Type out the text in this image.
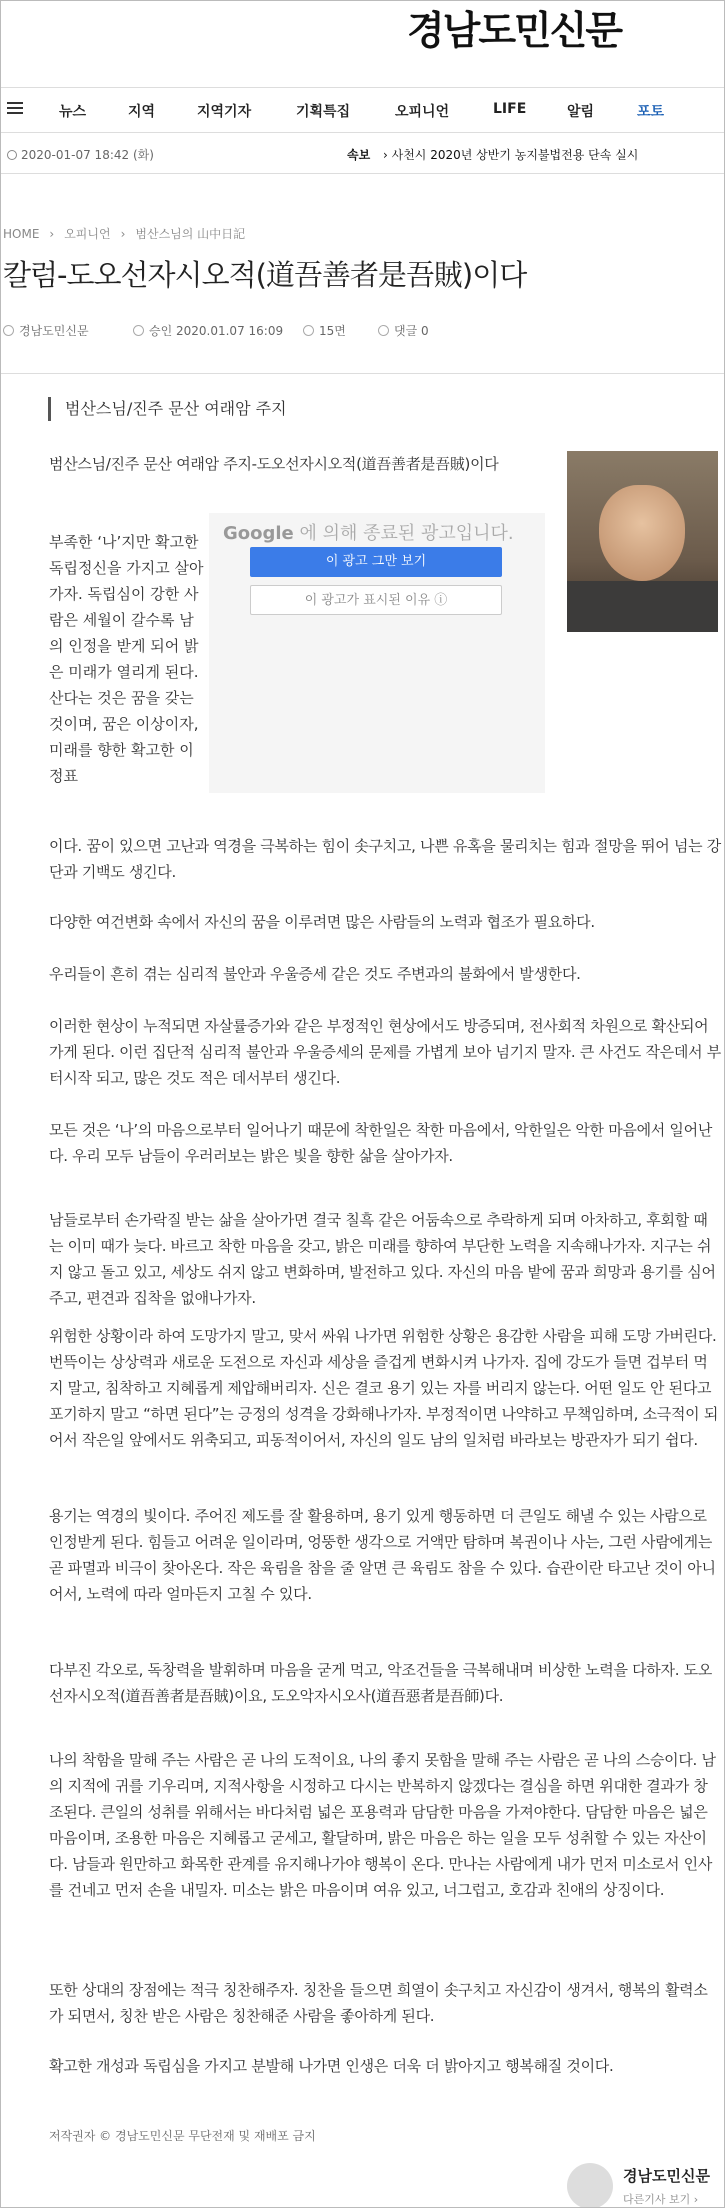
경남도민신문
뉴스	지역	지역기자	기획특집	오피니언	LIFE	알림	포토
2020-01-07 18:42 (화)	속보 › 사천시 2020년 상반기 농지불법전용 단속 실시
HOME › 오피니언 › 범산스님의 山中日記
칼럼-도오선자시오적(道吾善者是吾賊)이다
경남도민신문	승인 2020.01.07 16:09	15면	댓글 0
범산스님/진주 문산 여래암 주지
범산스님/진주 문산 여래암 주지-도오선자시오적(道吾善者是吾賊)이다
부족한 ‘나’지만 확고한 독립정신을 가지고 살아가자. 독립심이 강한 사람은 세월이 갈수록 남의 인정을 받게 되어 밝은 미래가 열리게 된다. 산다는 것은 꿈을 갖는 것이며, 꿈은 이상이자, 미래를 향한 확고한 이정표
Google 에 의해 종료된 광고입니다.
이 광고 그만 보기
이 광고가 표시된 이유 ⓘ
이다. 꿈이 있으면 고난과 역경을 극복하는 힘이 솟구치고, 나쁜 유혹을 물리치는 힘과 절망을 뛰어 넘는 강단과 기백도 생긴다.
다양한 여건변화 속에서 자신의 꿈을 이루려면 많은 사람들의 노력과 협조가 필요하다.
우리들이 흔히 겪는 심리적 불안과 우울증세 같은 것도 주변과의 불화에서 발생한다.
이러한 현상이 누적되면 자살률증가와 같은 부정적인 현상에서도 방증되며, 전사회적 차원으로 확산되어 가게 된다. 이런 집단적 심리적 불안과 우울증세의 문제를 가볍게 보아 넘기지 말자. 큰 사건도 작은데서 부터시작 되고, 많은 것도 적은 데서부터 생긴다.
모든 것은 ‘나’의 마음으로부터 일어나기 때문에 착한일은 착한 마음에서, 악한일은 악한 마음에서 일어난다. 우리 모두 남들이 우러러보는 밝은 빛을 향한 삶을 살아가자.
남들로부터 손가락질 받는 삶을 살아가면 결국 칠흑 같은 어둠속으로 추락하게 되며 아차하고, 후회할 때는 이미 때가 늦다. 바르고 착한 마음을 갖고, 밝은 미래를 향하여 부단한 노력을 지속해나가자. 지구는 쉬지 않고 돌고 있고, 세상도 쉬지 않고 변화하며, 발전하고 있다. 자신의 마음 밭에 꿈과 희망과 용기를 심어주고, 편견과 집착을 없애나가자.
위험한 상황이라 하여 도망가지 말고, 맞서 싸워 나가면 위험한 상황은 용감한 사람을 피해 도망 가버린다. 번뜩이는 상상력과 새로운 도전으로 자신과 세상을 즐겁게 변화시켜 나가자. 집에 강도가 들면 겁부터 먹지 말고, 침착하고 지혜롭게 제압해버리자. 신은 결코 용기 있는 자를 버리지 않는다. 어떤 일도 안 된다고 포기하지 말고 “하면 된다”는 긍정의 성격을 강화해나가자. 부정적이면 나약하고 무책임하며, 소극적이 되어서 작은일 앞에서도 위축되고, 피동적이어서, 자신의 일도 남의 일처럼 바라보는 방관자가 되기 쉽다.
용기는 역경의 빛이다. 주어진 제도를 잘 활용하며, 용기 있게 행동하면 더 큰일도 해낼 수 있는 사람으로 인정받게 된다. 힘들고 어려운 일이라며, 엉뚱한 생각으로 거액만 탐하며 복권이나 사는, 그런 사람에게는 곧 파멸과 비극이 찾아온다. 작은 육림을 참을 줄 알면 큰 육림도 참을 수 있다. 습관이란 타고난 것이 아니어서, 노력에 따라 얼마든지 고칠 수 있다.
다부진 각오로, 독창력을 발휘하며 마음을 굳게 먹고, 악조건들을 극복해내며 비상한 노력을 다하자. 도오선자시오적(道吾善者是吾賊)이요, 도오악자시오사(道吾惡者是吾師)다.
나의 착함을 말해 주는 사람은 곧 나의 도적이요, 나의 좋지 못함을 말해 주는 사람은 곧 나의 스승이다. 남의 지적에 귀를 기우리며, 지적사항을 시정하고 다시는 반복하지 않겠다는 결심을 하면 위대한 결과가 창조된다. 큰일의 성취를 위해서는 바다처럼 넓은 포용력과 담담한 마음을 가져야한다. 담담한 마음은 넓은 마음이며, 조용한 마음은 지혜롭고 굳세고, 활달하며, 밝은 마음은 하는 일을 모두 성취할 수 있는 자산이다. 남들과 원만하고 화목한 관계를 유지해나가야 행복이 온다. 만나는 사람에게 내가 먼저 미소로서 인사를 건네고 먼저 손을 내밀자. 미소는 밝은 마음이며 여유 있고, 너그럽고, 호감과 친애의 상징이다.
또한 상대의 장점에는 적극 칭찬해주자. 칭찬을 들으면 희열이 솟구치고 자신감이 생겨서, 행복의 활력소가 되면서, 칭찬 받은 사람은 칭찬해준 사람을 좋아하게 된다.
확고한 개성과 독립심을 가지고 분발해 나가면 인생은 더욱 더 밝아지고 행복해질 것이다.
저작권자 © 경남도민신문 무단전재 및 재배포 금지
경남도민신문
다른기사 보기 ›
